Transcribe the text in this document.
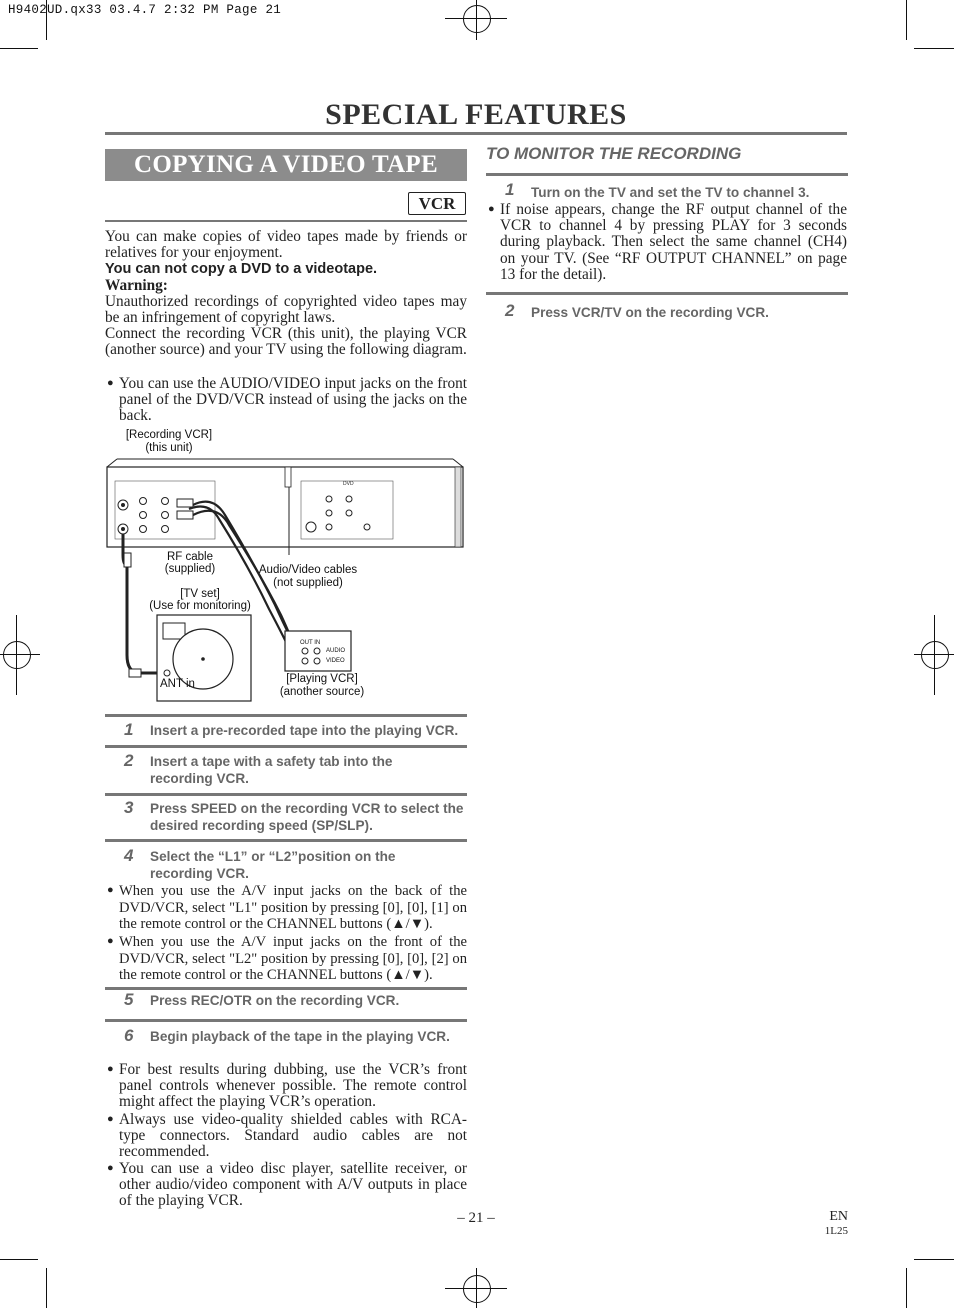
H9402UD.qx33 03.4.7 2:32 PM Page 21
SPECIAL FEATURES
COPYING A VIDEO TAPE
VCR
You can make copies of video tapes made by friends or relatives for your enjoyment.
You can not copy a DVD to a videotape.
Warning:
Unauthorized recordings of copyrighted video tapes may be an infringement of copyright laws.
Connect the recording VCR (this unit), the playing VCR (another source) and your TV using the following diagram.
● You can use the AUDIO/VIDEO input jacks on the front panel of the DVD/VCR instead of using the jacks on the back.
[Recording VCR]
(this unit)
DVD
RF cable
(supplied)	Audio/Video cables
(not supplied)
[TV set]
(Use for monitoring)
ANT in
OUT IN
AUDIO
VIDEO
[Playing VCR]
(another source)
1 Insert a pre-recorded tape into the playing VCR.
2 Insert a tape with a safety tab into the recording VCR.
3 Press SPEED on the recording VCR to select the desired recording speed (SP/SLP).
4 Select the “L1” or “L2”position on the recording VCR.
● When you use the A/V input jacks on the back of the DVD/VCR, select "L1" position by pressing [0], [0], [1] on the remote control or the CHANNEL buttons (▲/▼).
● When you use the A/V input jacks on the front of the DVD/VCR, select "L2" position by pressing [0], [0], [2] on the remote control or the CHANNEL buttons (▲/▼).
5 Press REC/OTR on the recording VCR.
6 Begin playback of the tape in the playing VCR.
● For best results during dubbing, use the VCR’s front panel controls whenever possible. The remote control might affect the playing VCR’s operation.
● Always use video-quality shielded cables with RCA-type connectors. Standard audio cables are not recommended.
● You can use a video disc player, satellite receiver, or other audio/video component with A/V outputs in place of the playing VCR.
TO MONITOR THE RECORDING
1 Turn on the TV and set the TV to channel 3.
● If noise appears, change the RF output channel of the VCR to channel 4 by pressing PLAY for 3 seconds during playback. Then select the same channel (CH4) on your TV. (See “RF OUTPUT CHANNEL” on page 13 for the detail).
2 Press VCR/TV on the recording VCR.
– 21 –	EN
1L25
